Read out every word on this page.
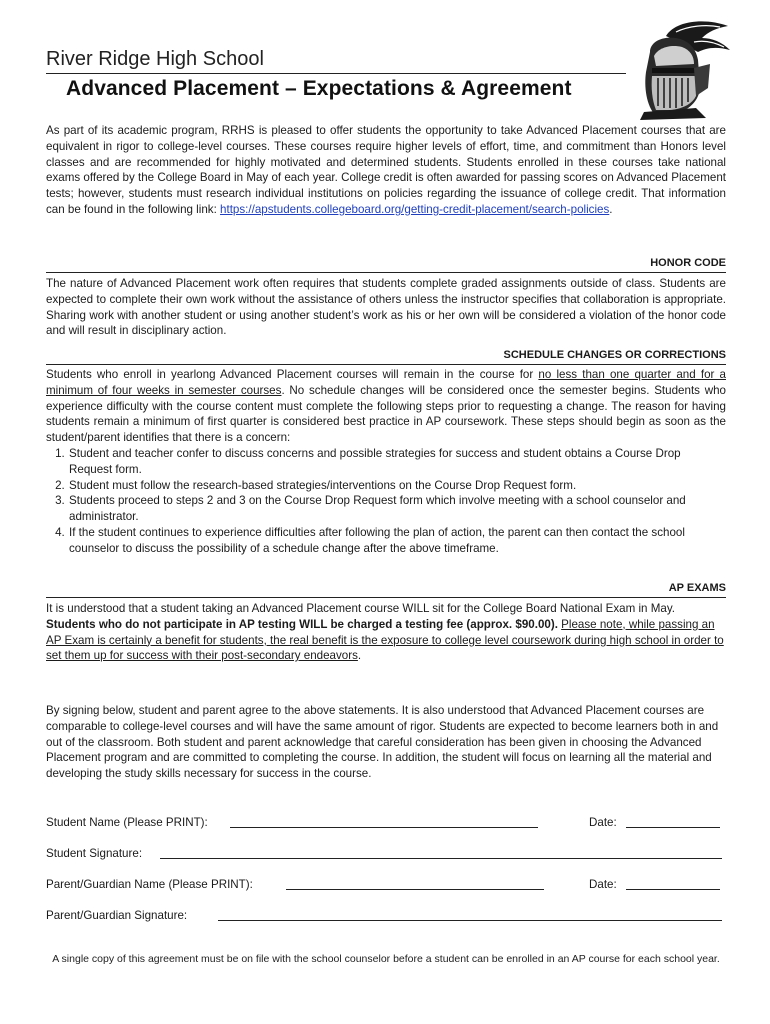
River Ridge High School
Advanced Placement – Expectations & Agreement
As part of its academic program, RRHS is pleased to offer students the opportunity to take Advanced Placement courses that are equivalent in rigor to college-level courses. These courses require higher levels of effort, time, and commitment than Honors level classes and are recommended for highly motivated and determined students. Students enrolled in these courses take national exams offered by the College Board in May of each year. College credit is often awarded for passing scores on Advanced Placement tests; however, students must research individual institutions on policies regarding the issuance of college credit. That information can be found in the following link: https://apstudents.collegeboard.org/getting-credit-placement/search-policies.
HONOR CODE
The nature of Advanced Placement work often requires that students complete graded assignments outside of class. Students are expected to complete their own work without the assistance of others unless the instructor specifies that collaboration is appropriate. Sharing work with another student or using another student’s work as his or her own will be considered a violation of the honor code and will result in disciplinary action.
SCHEDULE CHANGES OR CORRECTIONS
Students who enroll in yearlong Advanced Placement courses will remain in the course for no less than one quarter and for a minimum of four weeks in semester courses. No schedule changes will be considered once the semester begins. Students who experience difficulty with the course content must complete the following steps prior to requesting a change. The reason for having students remain a minimum of first quarter is considered best practice in AP coursework. These steps should begin as soon as the student/parent identifies that there is a concern:
1. Student and teacher confer to discuss concerns and possible strategies for success and student obtains a Course Drop Request form.
2. Student must follow the research-based strategies/interventions on the Course Drop Request form.
3. Students proceed to steps 2 and 3 on the Course Drop Request form which involve meeting with a school counselor and administrator.
4. If the student continues to experience difficulties after following the plan of action, the parent can then contact the school counselor to discuss the possibility of a schedule change after the above timeframe.
AP EXAMS
It is understood that a student taking an Advanced Placement course WILL sit for the College Board National Exam in May. Students who do not participate in AP testing WILL be charged a testing fee (approx. $90.00). Please note, while passing an AP Exam is certainly a benefit for students, the real benefit is the exposure to college level coursework during high school in order to set them up for success with their post-secondary endeavors.
By signing below, student and parent agree to the above statements. It is also understood that Advanced Placement courses are comparable to college-level courses and will have the same amount of rigor. Students are expected to become learners both in and out of the classroom. Both student and parent acknowledge that careful consideration has been given in choosing the Advanced Placement program and are committed to completing the course. In addition, the student will focus on learning all the material and developing the study skills necessary for success in the course.
Student Name (Please PRINT):	Date:
Student Signature:
Parent/Guardian Name (Please PRINT):	Date:
Parent/Guardian Signature:
A single copy of this agreement must be on file with the school counselor before a student can be enrolled in an AP course for each school year.
